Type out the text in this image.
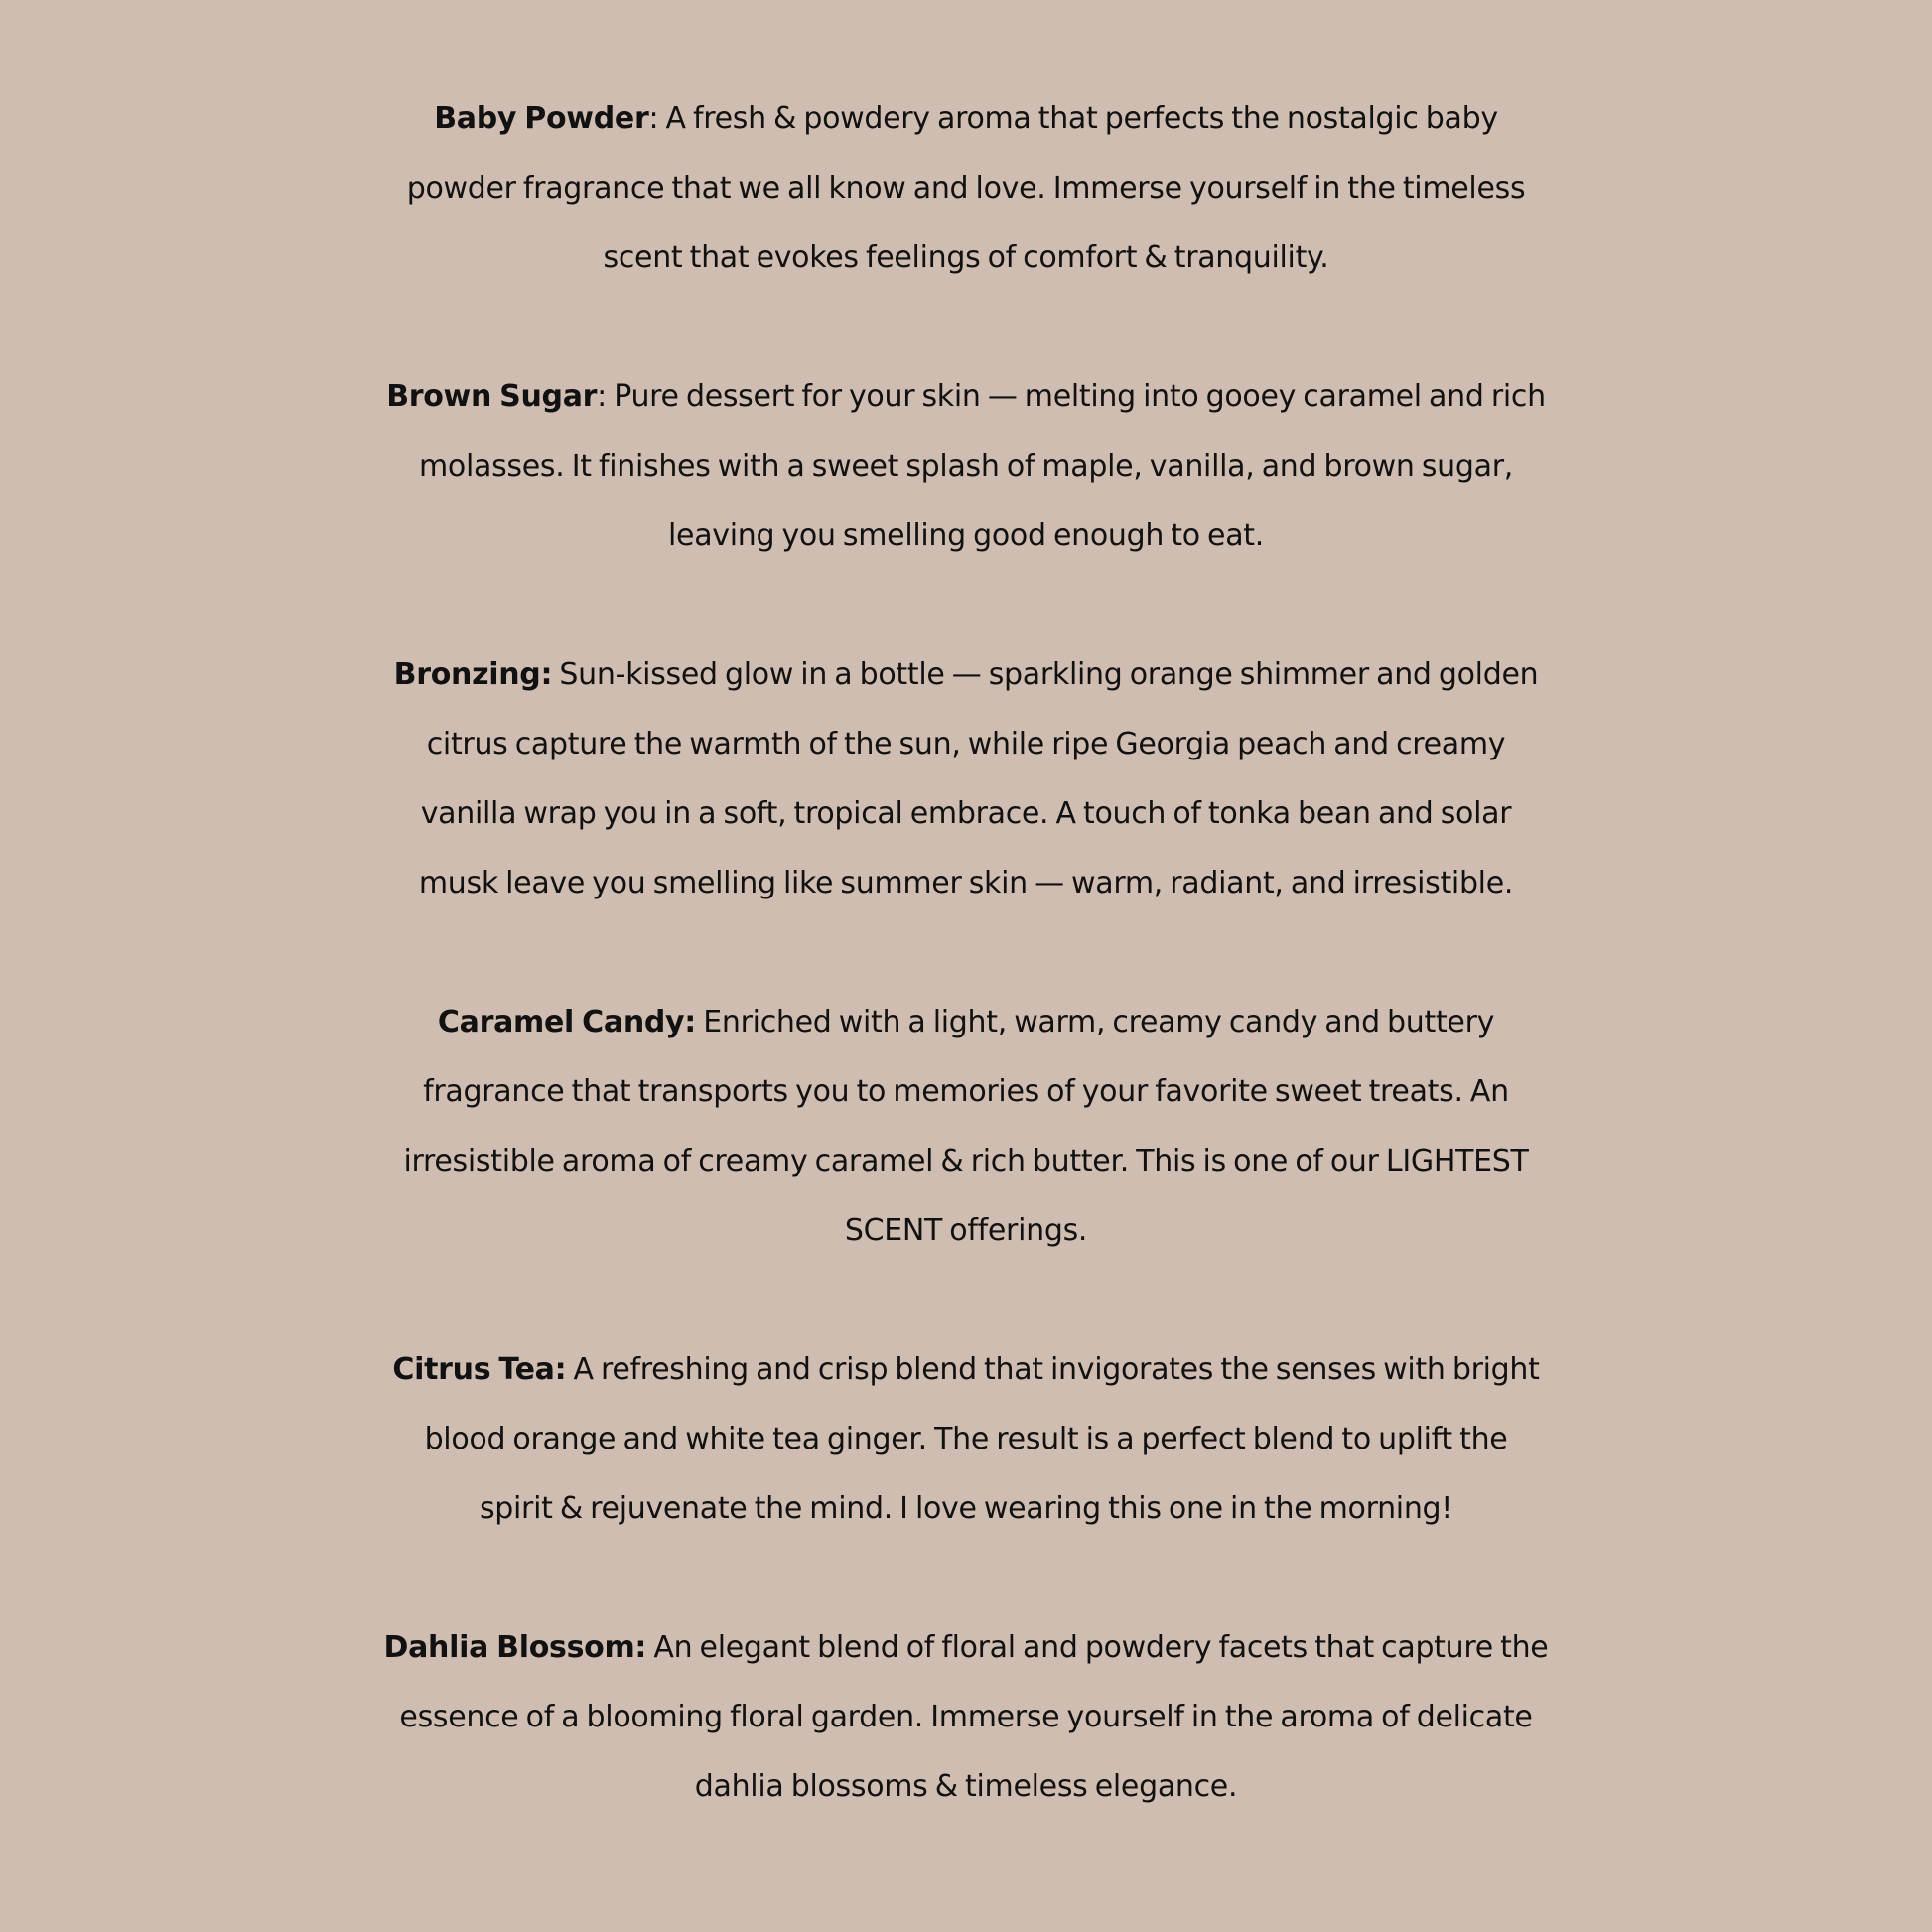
Baby Powder: A fresh & powdery aroma that perfects the nostalgic baby
powder fragrance that we all know and love. Immerse yourself in the timeless
scent that evokes feelings of comfort & tranquility.

Brown Sugar: Pure dessert for your skin — melting into gooey caramel and rich
molasses. It finishes with a sweet splash of maple, vanilla, and brown sugar,
leaving you smelling good enough to eat.

Bronzing: Sun-kissed glow in a bottle — sparkling orange shimmer and golden
citrus capture the warmth of the sun, while ripe Georgia peach and creamy
vanilla wrap you in a soft, tropical embrace. A touch of tonka bean and solar
musk leave you smelling like summer skin — warm, radiant, and irresistible.

Caramel Candy: Enriched with a light, warm, creamy candy and buttery
fragrance that transports you to memories of your favorite sweet treats. An
irresistible aroma of creamy caramel & rich butter. This is one of our LIGHTEST
SCENT offerings.

Citrus Tea: A refreshing and crisp blend that invigorates the senses with bright
blood orange and white tea ginger. The result is a perfect blend to uplift the
spirit & rejuvenate the mind. I love wearing this one in the morning!

Dahlia Blossom: An elegant blend of floral and powdery facets that capture the
essence of a blooming floral garden. Immerse yourself in the aroma of delicate
dahlia blossoms & timeless elegance.
